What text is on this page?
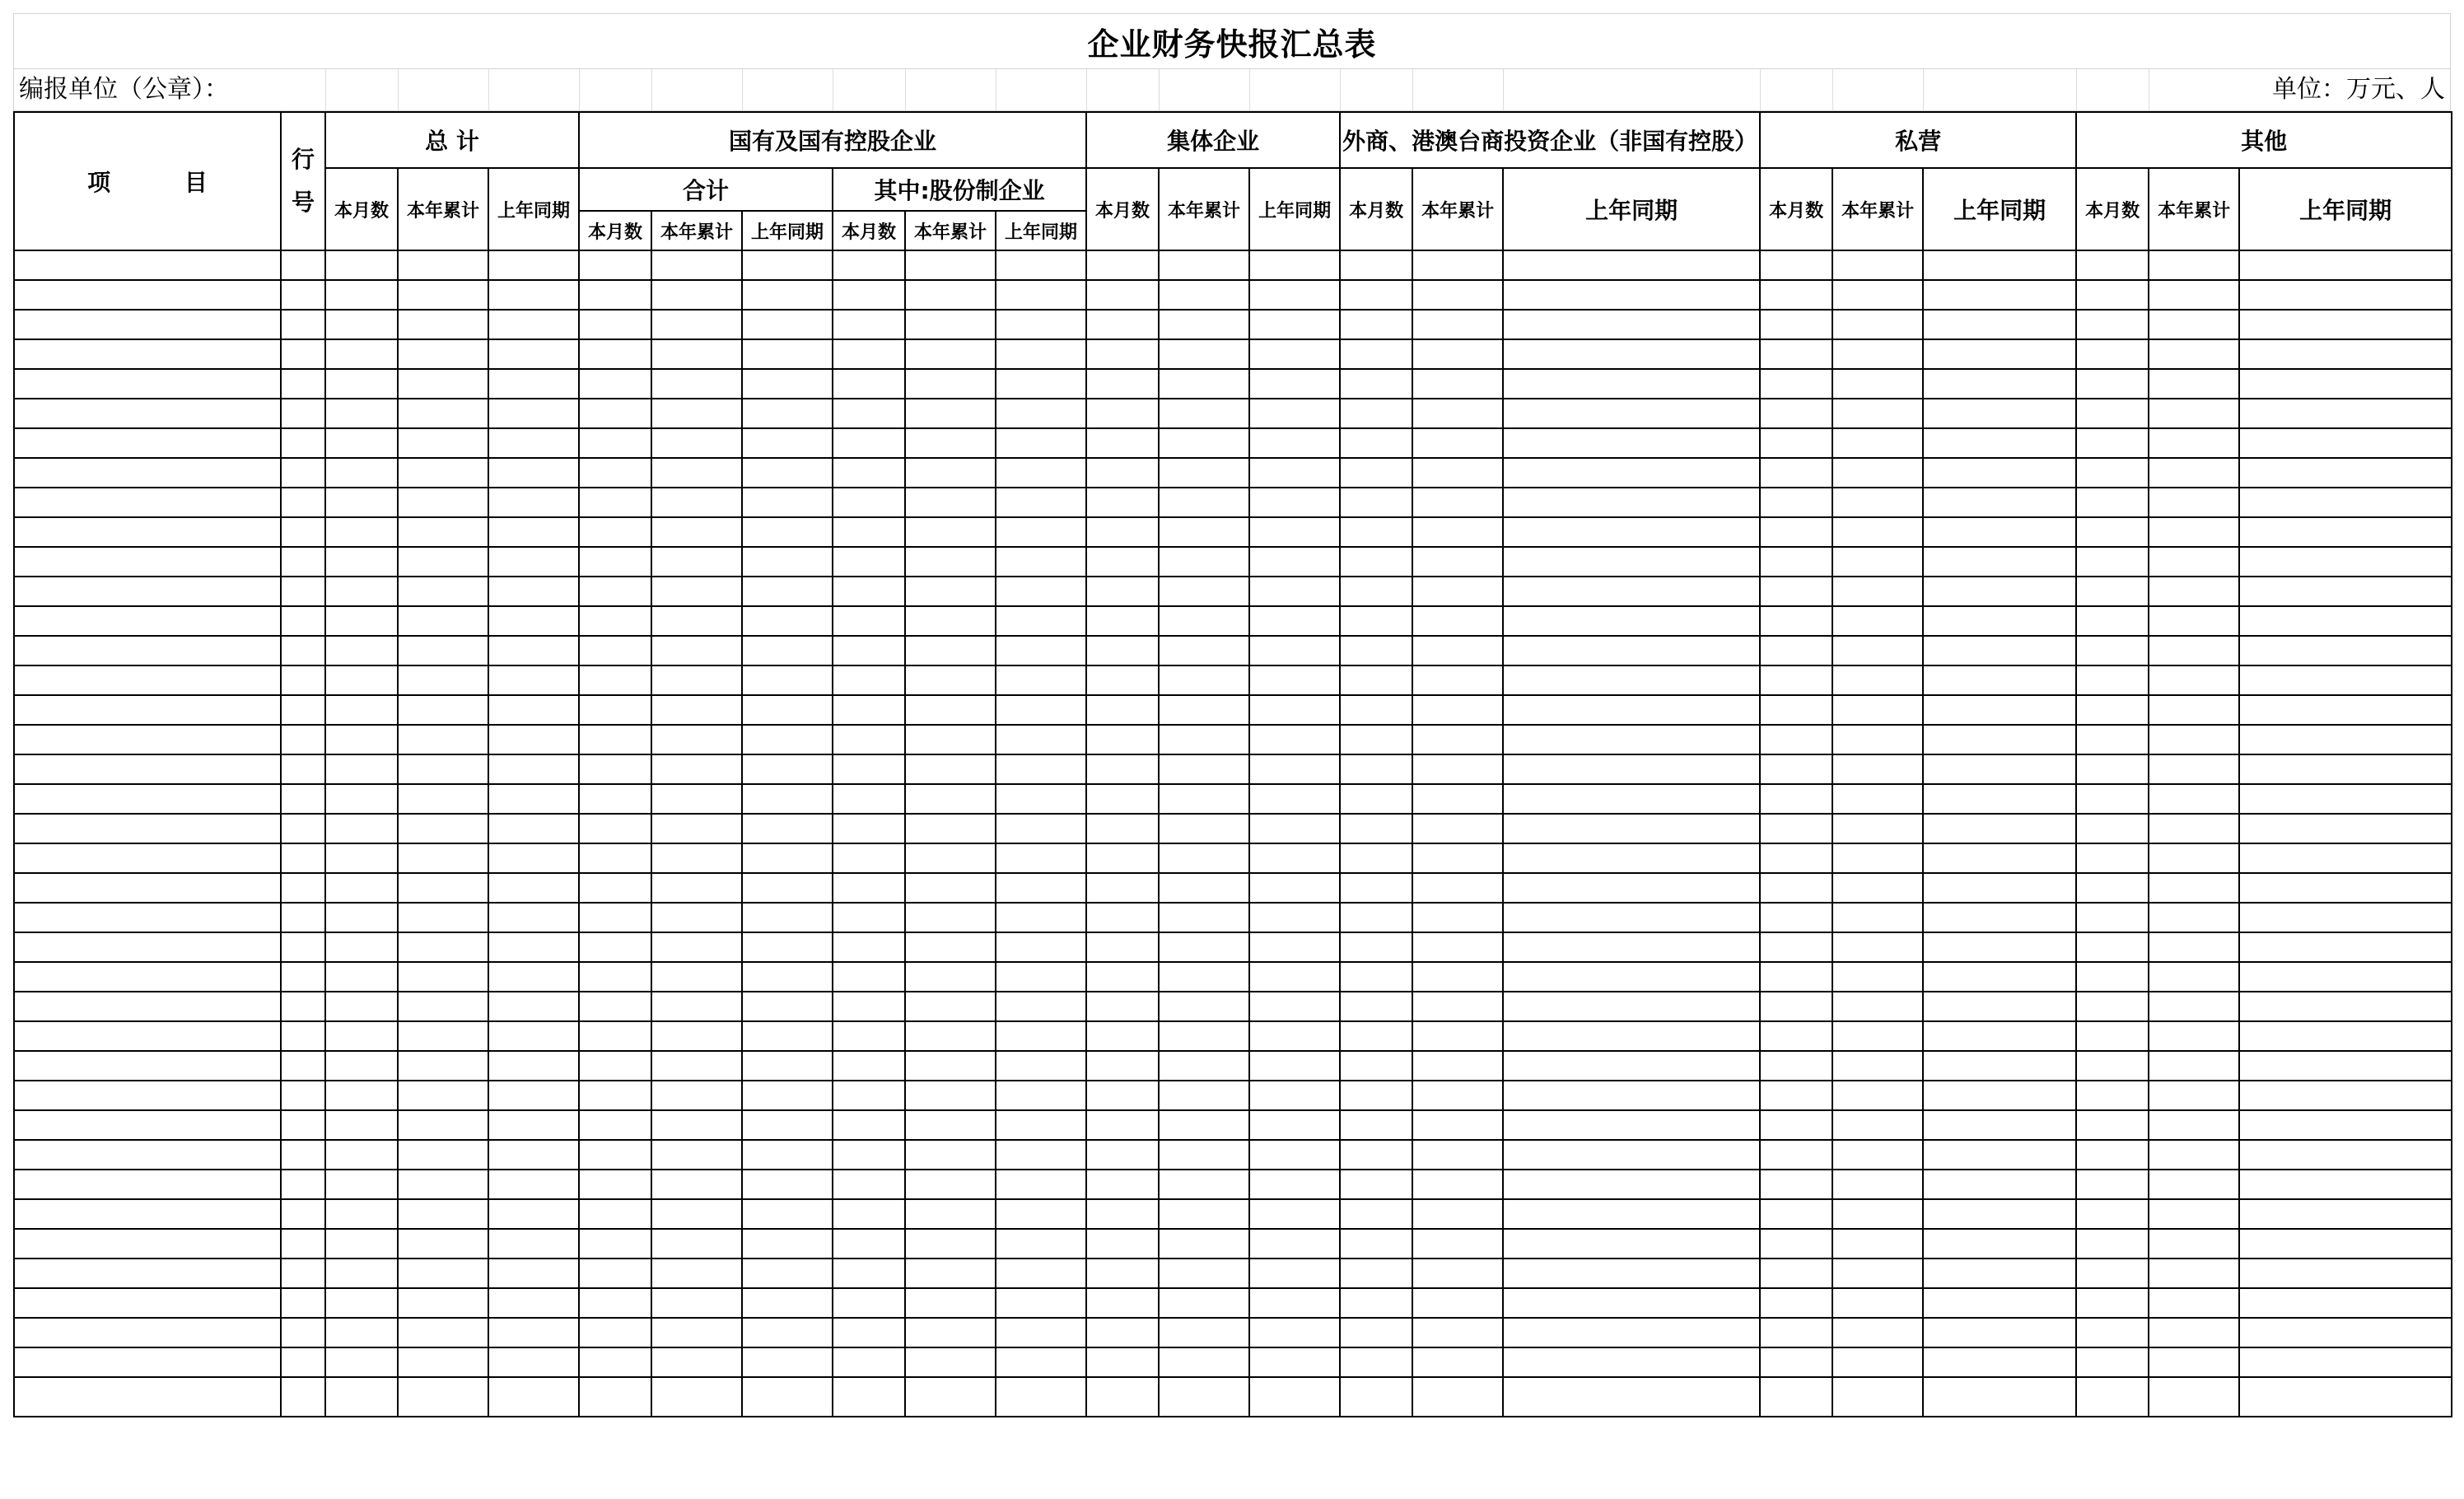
企业财务快报汇总表
编报单位（公章）：	单位：万元、人
项 目	行号	总 计			国有及国有控股企业						集体企业			外商、港澳台商投资企业（非国有控股）			私营			其他		
		本月数	本年累计	上年同期	合计			其中:股份制企业			本月数	本年累计	上年同期	本月数	本年累计	上年同期	本月数	本年累计	上年同期	本月数	本年累计	上年同期
					本月数	本年累计	上年同期	本月数	本年累计	上年同期												
